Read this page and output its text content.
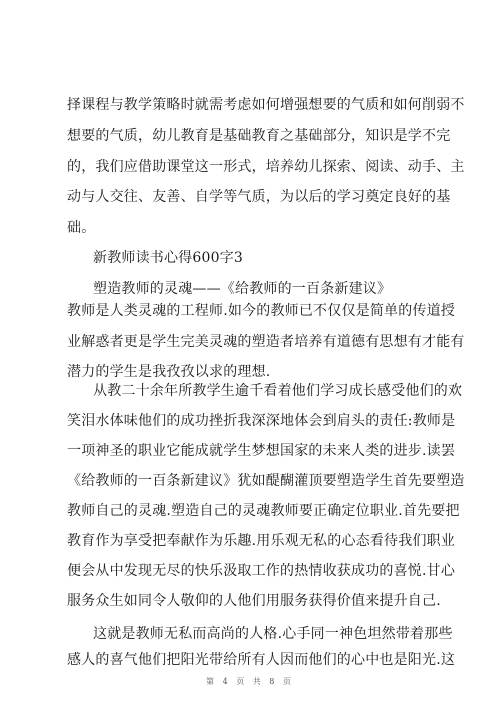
择课程与教学策略时就需考虑如何增强想要的气质和如何削弱不
想要的气质，幼儿教育是基础教育之基础部分，知识是学不完
的，我们应借助课堂这一形式，培养幼儿探索、阅读、动手、主
动与人交往、友善、自学等气质，为以后的学习奠定良好的基
础。
新教师读书心得600字3
塑造教师的灵魂——《给教师的一百条新建议》
教师是人类灵魂的工程师.如今的教师已不仅仅是简单的传道授
业解惑者更是学生完美灵魂的塑造者培养有道德有思想有才能有
潜力的学生是我孜孜以求的理想.
从教二十余年所教学生逾千看着他们学习成长感受他们的欢
笑泪水体味他们的成功挫折我深深地体会到肩头的责任:教师是
一项神圣的职业它能成就学生梦想国家的未来人类的进步.读罢
《给教师的一百条新建议》犹如醍醐灌顶要塑造学生首先要塑造
教师自己的灵魂.塑造自己的灵魂教师要正确定位职业.首先要把
教育作为享受把奉献作为乐趣.用乐观无私的心态看待我们职业
便会从中发现无尽的快乐汲取工作的热情收获成功的喜悦.甘心
服务众生如同令人敬仰的人他们用服务获得价值来提升自己.
这就是教师无私而高尚的人格.心手同一神色坦然带着那些
第 4 页 共 8 页
感人的喜气他们把阳光带给所有人因而他们的心中也是阳光.这
